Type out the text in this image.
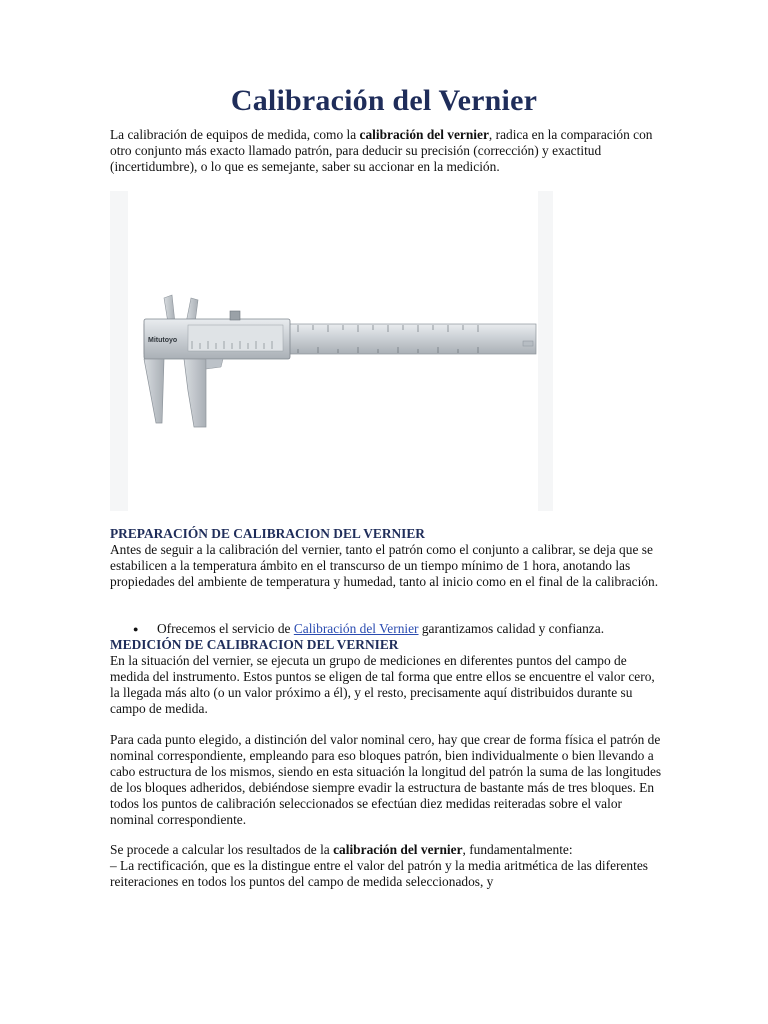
Calibración del Vernier

La calibración de equipos de medida, como la calibración del vernier, radica en la comparación con otro conjunto más exacto llamado patrón, para deducir su precisión (corrección) y exactitud (incertidumbre), o lo que es semejante, saber su accionar en la medición.

Mitutoyo

PREPARACIÓN DE CALIBRACION DEL VERNIER

Antes de seguir a la calibración del vernier, tanto el patrón como el conjunto a calibrar, se deja que se estabilicen a la temperatura ámbito en el transcurso de un tiempo mínimo de 1 hora, anotando las propiedades del ambiente de temperatura y humedad, tanto al inicio como en el final de la calibración.

● Ofrecemos el servicio de Calibración del Vernier garantizamos calidad y confianza.

MEDICIÓN DE CALIBRACION DEL VERNIER

En la situación del vernier, se ejecuta un grupo de mediciones en diferentes puntos del campo de medida del instrumento. Estos puntos se eligen de tal forma que entre ellos se encuentre el valor cero, la llegada más alto (o un valor próximo a él), y el resto, precisamente aquí distribuidos durante su campo de medida.

Para cada punto elegido, a distinción del valor nominal cero, hay que crear de forma física el patrón de nominal correspondiente, empleando para eso bloques patrón, bien individualmente o bien llevando a cabo estructura de los mismos, siendo en esta situación la longitud del patrón la suma de las longitudes de los bloques adheridos, debiéndose siempre evadir la estructura de bastante más de tres bloques. En todos los puntos de calibración seleccionados se efectúan diez medidas reiteradas sobre el valor nominal correspondiente.

Se procede a calcular los resultados de la calibración del vernier, fundamentalmente:
– La rectificación, que es la distingue entre el valor del patrón y la media aritmética de las diferentes reiteraciones en todos los puntos del campo de medida seleccionados, y
